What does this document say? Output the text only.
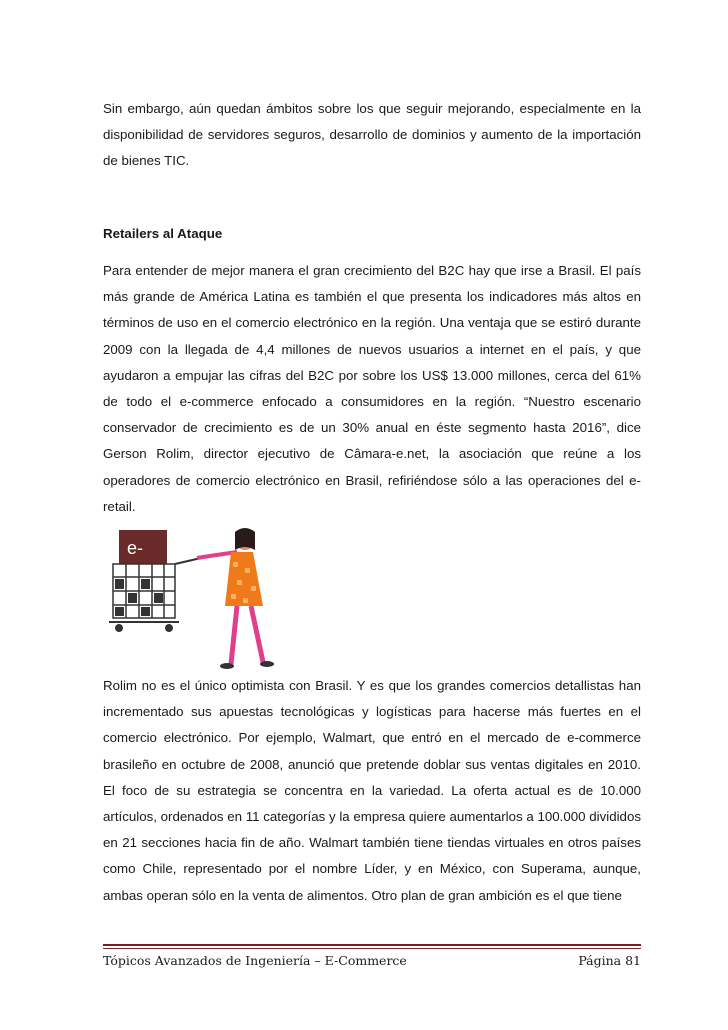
Sin embargo, aún quedan ámbitos sobre los que seguir mejorando, especialmente en la disponibilidad de servidores seguros, desarrollo de dominios y aumento de la importación de bienes TIC.

Retailers al Ataque

Para entender de mejor manera el gran crecimiento del B2C hay que irse a Brasil. El país más grande de América Latina es también el que presenta los indicadores más altos en términos de uso en el comercio electrónico en la región. Una ventaja que se estiró durante 2009 con la llegada de 4,4 millones de nuevos usuarios a internet en el país, y que ayudaron a empujar las cifras del B2C por sobre los US$ 13.000 millones, cerca del 61% de todo el e-commerce enfocado a consumidores en la región. “Nuestro escenario conservador de crecimiento es de un 30% anual en éste segmento hasta 2016”, dice Gerson Rolim, director ejecutivo de Câmara-e.net, la asociación que reúne a los operadores de comercio electrónico en Brasil, refiriéndose sólo a las operaciones del e-retail.

e-

Rolim no es el único optimista con Brasil. Y es que los grandes comercios detallistas han incrementado sus apuestas tecnológicas y logísticas para hacerse más fuertes en el comercio electrónico. Por ejemplo, Walmart, que entró en el mercado de e-commerce brasileño en octubre de 2008, anunció que pretende doblar sus ventas digitales en 2010. El foco de su estrategia se concentra en la variedad. La oferta actual es de 10.000 artículos, ordenados en 11 categorías y la empresa quiere aumentarlos a 100.000 divididos en 21 secciones hacia fin de año. Walmart también tiene tiendas virtuales en otros países como Chile, representado por el nombre Líder, y en México, con Superama, aunque, ambas operan sólo en la venta de alimentos. Otro plan de gran ambición es el que tiene

Tópicos Avanzados de Ingeniería – E-Commerce	Página 81
